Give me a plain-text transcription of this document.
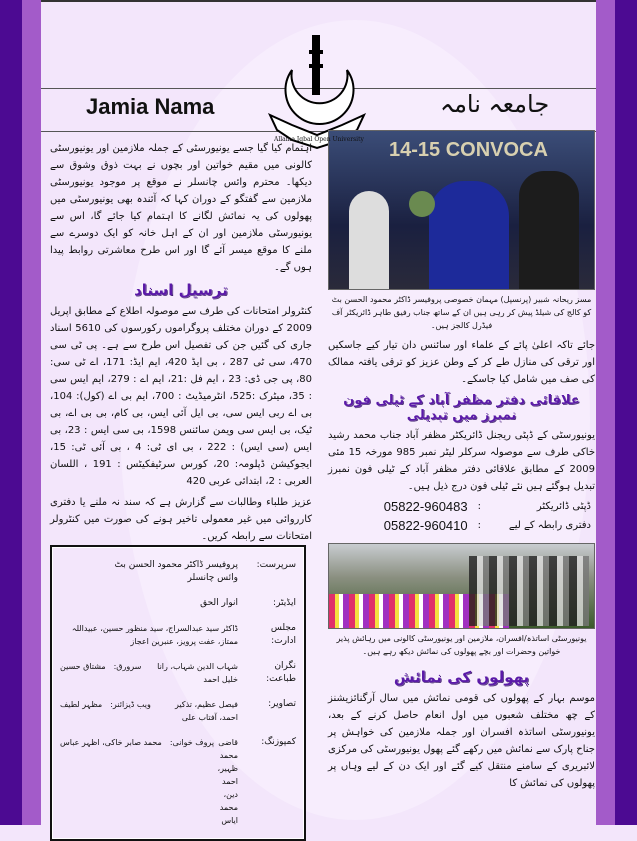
Jamia Nama	جامعہ نامہ
Allama Iqbal Open University
اہتمام کیا گیا جسے یونیورسٹی کے جملہ ملازمین اور یونیورسٹی کالونی میں مقیم خواتین اور بچوں نے بہت ذوق وشوق سے دیکھا۔ محترم وائس چانسلر نے موقع پر موجود یونیورسٹی ملازمین سے گفتگو کے دوران کہا کہ آئندہ بھی یونیورسٹی میں پھولوں کی یہ نمائش لگانے کا اہتمام کیا جائے گا، اس سے یونیورسٹی ملازمین اور ان کے اہل خانہ کو ایک دوسرے سے ملنے کا موقع میسر آئے گا اور اس طرح معاشرتی روابط پیدا ہوں گے۔
ترسیل اسناد
کنٹرولر امتحانات کی طرف سے موصولہ اطلاع کے مطابق اپریل 2009 کے دوران مختلف پروگراموں رکورسوں کی 5610 اسناد جاری کی گئیں جن کی تفصیل اس طرح سے ہے۔ پی ٹی سی 470، سی ٹی 287 ، بی ایڈ 420، ایم ایڈ: 171، اے ٹی سی: 80، پی جی ڈی: 23 ، ایم فل :21، ایم اے : 279، ایم ایس سی : 35، میٹرک :525، انٹرمیڈیٹ : 700، ایم بی اے (کول): 104، بی اے ربی ایس سی، بی ایل آئی ایس، بی کام، بی بی اے، بی ٹیک، بی ایس سی ویمن سائنس 1598، بی سی ایس : 23، بی ایس (سی ایس) : 222 ، بی ای ٹی: 4 ، بی آئی ٹی: 15، ایجوکیشن ڈپلومہ: 20، کورس سرٹیفکیٹس : 191 ، اللسان العربی : 2، ابتدائی عربی 420
عزیز طلباء وطالبات سے گزارش ہے کہ سند نہ ملنے یا دفتری کارروائی میں غیر معمولی تاخیر ہونے کی صورت میں کنٹرولر امتحانات سے رابطہ کریں۔
سرپرست:
پروفیسر ڈاکٹر محمود الحسن بٹ
وائس چانسلر
ایڈیٹر:
انوار الحق
مجلس ادارت:
ڈاکٹر سید عبدالسراج، سید منظور حسین، عبیداللہ ممتاز، عفت پرویز، عنبرین اعجاز
نگران طباعت:
شہاب الدین شہاب، رانا خلیل احمد
سرورق:
مشتاق حسین
تصاویر:
فیصل عظیم، تذکیر احمد، آفتاب علی
ویب ڈیزائنر:
مظہر لطیف
کمپوزنگ:
قاضی محمد ظہیر، احمد دین، محمد ایاس
پروف خوانی:
محمد صابر خاکی، اظہر عباس
14-15 CONVOCA
مسز ریحانہ شبیر (پرنسپل) مہمان خصوصی پروفیسر ڈاکٹر محمود الحسن بٹ کو کالج کی شیلڈ پیش کر رہی ہیں ان کے ساتھ جناب رفیق طاہر ڈائریکٹر آف فیڈرل کالجز ہیں۔
جائے تاکہ اعلیٰ پائے کے علماء اور سائنس دان تیار کیے جاسکیں اور ترقی کی منازل طے کر کے وطن عزیز کو ترقی یافتہ ممالک کی صف میں شامل کیا جاسکے۔
علاقائی دفتر مظفر آباد کے ٹیلی فون نمبرز میں تبدیلی
یونیورسٹی کے ڈپٹی ریجنل ڈائریکٹر مظفر آباد جناب محمد رشید خاکی طرف سے موصولہ سرکلر لیٹر نمبر 985 مورخہ 15 مئی 2009 کے مطابق علاقائی دفتر مظفر آباد کے ٹیلی فون نمبرز تبدیل ہوگئے ہیں نئے ٹیلی فون درج ذیل ہیں۔
ڈپٹی ڈائریکٹر
:
05822-960483
دفتری رابطہ کے لیے
:
05822-960410
یونیورسٹی اساتذہ/افسران، ملازمین اور یونیورسٹی کالونی میں رہائش پذیر خواتین وحضرات اور بچے پھولوں کی نمائش دیکھ رہے ہیں۔
پھولوں کی نمائش
موسم بہار کے پھولوں کی قومی نمائش میں سال آرگنائزیشنز کے چھ مختلف شعبوں میں اول انعام حاصل کرنے کے بعد، یونیورسٹی اساتذہ افسران اور جملہ ملازمین کی خواہش پر جناح پارک سے نمائش میں رکھے گئے پھول یونیورسٹی کی مرکزی لائبریری کے سامنے منتقل کیے گئے اور ایک دن کے لیے وہاں پر پھولوں کی نمائش کا
